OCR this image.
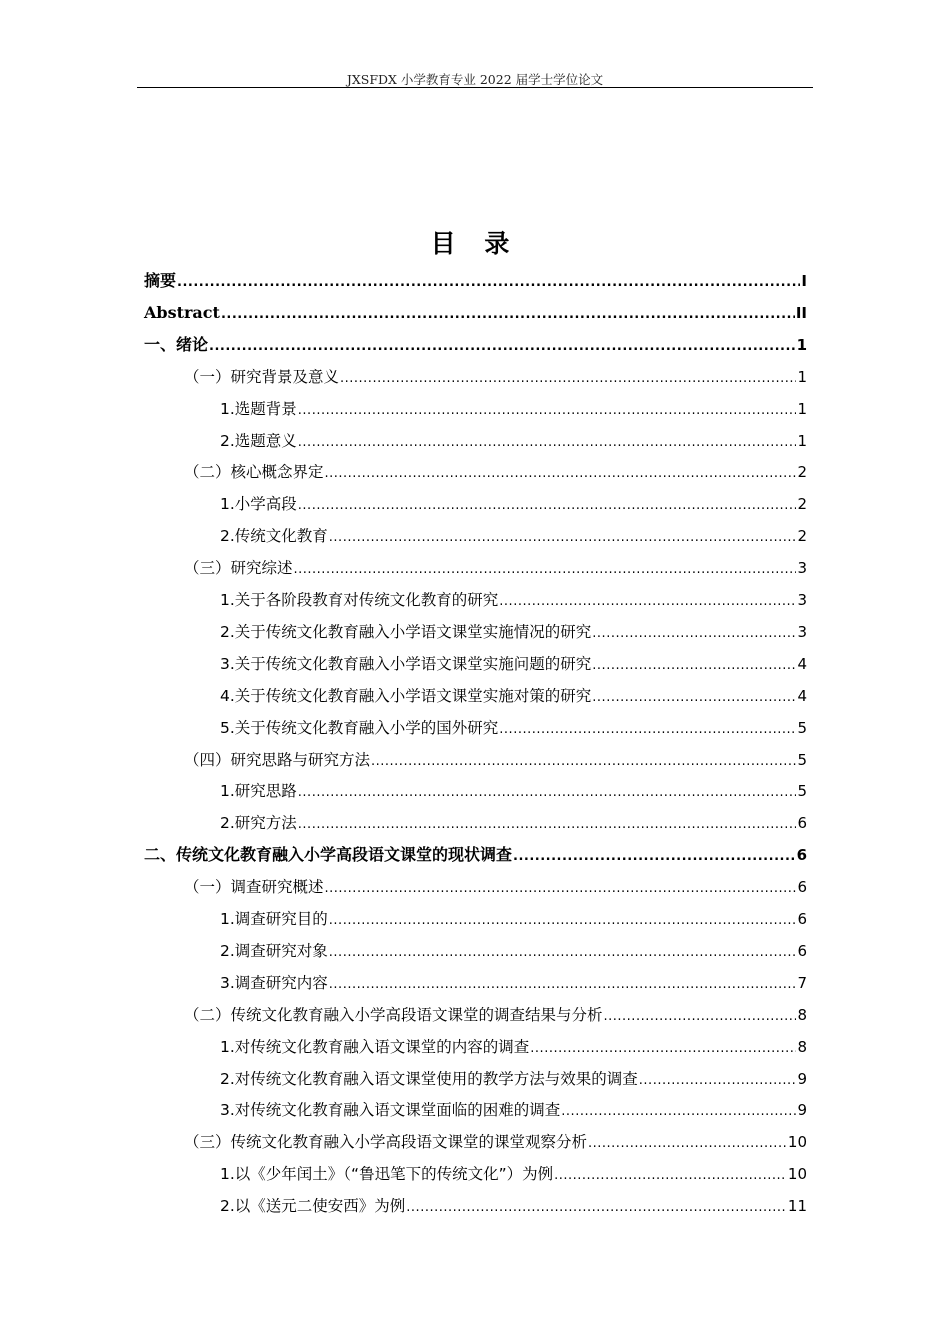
JXSFDX 小学教育专业 2022 届学士学位论文
目 录
摘要 .....	I
Abstract .....	II
一、绪论 .....	1
（一）研究背景及意义 .....	1
1.选题背景 .....	1
2.选题意义 .....	1
（二）核心概念界定 .....	2
1.小学高段 .....	2
2.传统文化教育 .....	2
（三）研究综述 .....	3
1.关于各阶段教育对传统文化教育的研究 .....	3
2.关于传统文化教育融入小学语文课堂实施情况的研究 .....	3
3.关于传统文化教育融入小学语文课堂实施问题的研究 .....	4
4.关于传统文化教育融入小学语文课堂实施对策的研究 .....	4
5.关于传统文化教育融入小学的国外研究 .....	5
（四）研究思路与研究方法 .....	5
1.研究思路 .....	5
2.研究方法 .....	6
二、传统文化教育融入小学高段语文课堂的现状调查 .....	6
（一）调查研究概述 .....	6
1.调查研究目的 .....	6
2.调查研究对象 .....	6
3.调查研究内容 .....	7
（二）传统文化教育融入小学高段语文课堂的调查结果与分析 .....	8
1.对传统文化教育融入语文课堂的内容的调查 .....	8
2.对传统文化教育融入语文课堂使用的教学方法与效果的调查 .....	9
3.对传统文化教育融入语文课堂面临的困难的调查 .....	9
（三）传统文化教育融入小学高段语文课堂的课堂观察分析 .....	10
1.以《少年闰土》（“鲁迅笔下的传统文化”）为例 .....	10
2.以《送元二使安西》为例 .....	11
